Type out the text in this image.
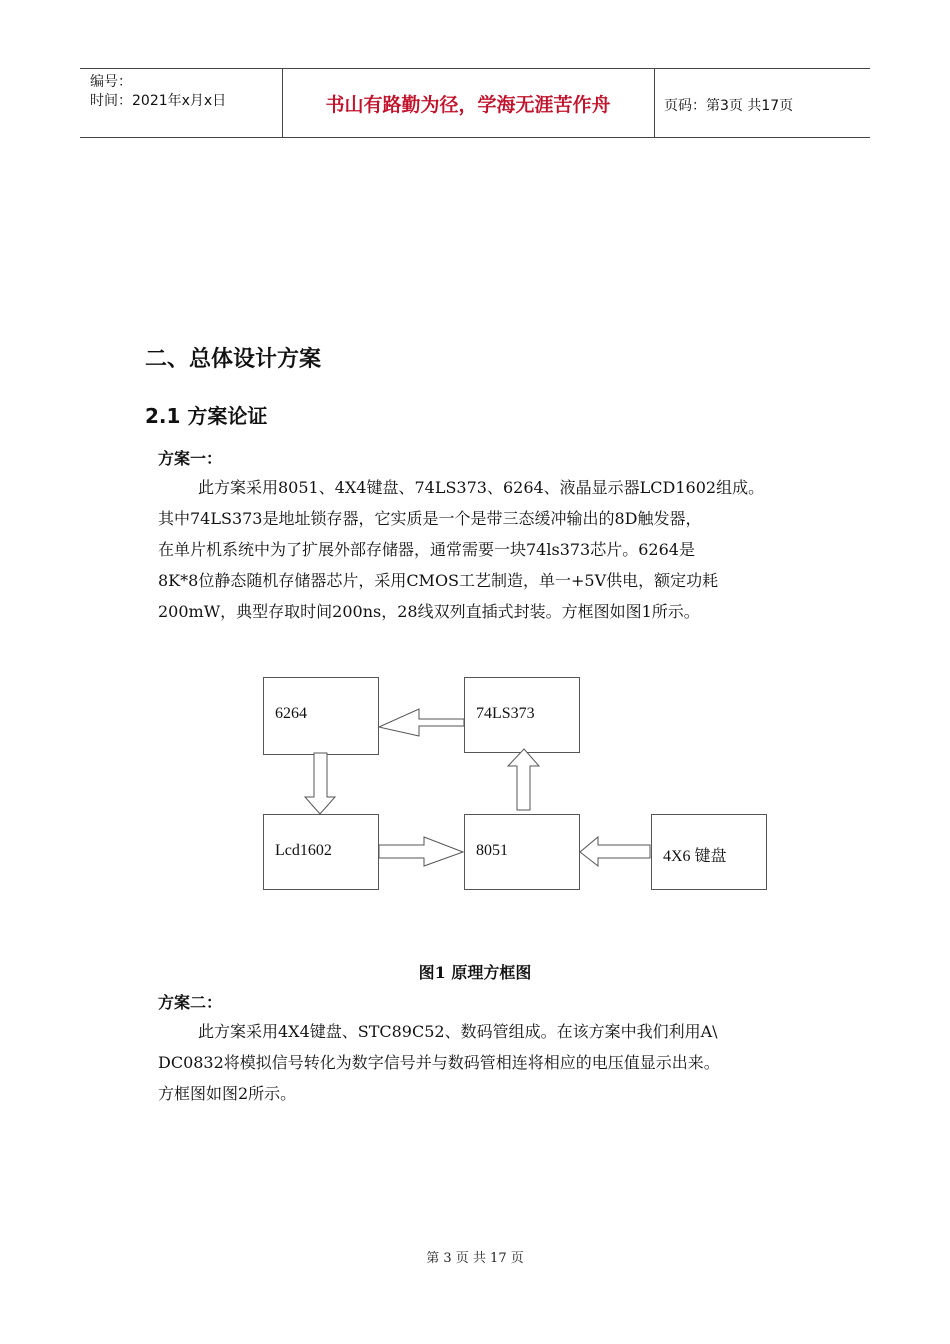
编号：
时间：2021年x月x日	书山有路勤为径，学海无涯苦作舟	页码：第3页 共17页
二、总体设计方案
2.1 方案论证
方案一：
此方案采用8051、4X4键盘、74LS373、6264、液晶显示器LCD1602组成。
其中74LS373是地址锁存器，它实质是一个是带三态缓冲输出的8D触发器，
在单片机系统中为了扩展外部存储器，通常需要一块74ls373芯片。6264是
8K*8位静态随机存储器芯片，采用CMOS工艺制造，单一+5V供电，额定功耗
200mW，典型存取时间200ns，28线双列直插式封装。方框图如图1所示。
6264	74LS373
Lcd1602	8051	4X6 键盘
图1 原理方框图
方案二：
此方案采用4X4键盘、STC89C52、数码管组成。在该方案中我们利用A\
DC0832将模拟信号转化为数字信号并与数码管相连将相应的电压值显示出来。
方框图如图2所示。
第 3 页 共 17 页
